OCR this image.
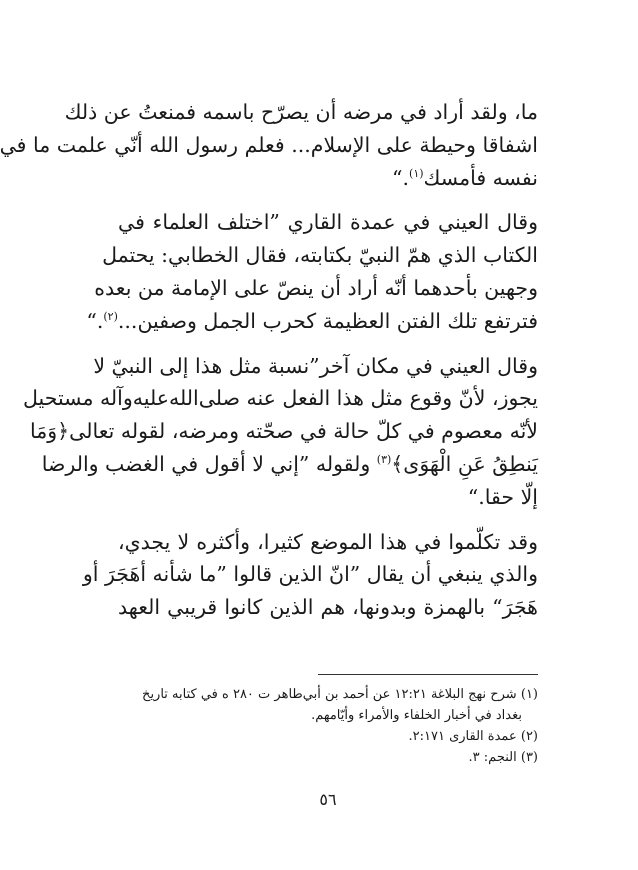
ما، ولقد أراد في مرضه أن يصرّح باسمه فمنعتُ عن ذلك
اشفاقا وحيطة على الإسلام... فعلم رسول الله أنّي علمت ما في
نفسه فأمسك$^{(١)}$.“
وقال العيني في عمدة القاري ”اختلف العلماء في
الكتاب الذي همّ النبيّ بكتابته، فقال الخطابي: يحتمل
وجهين بأحدهما أنّه أراد أن ينصّ على الإمامة من بعده
فترتفع تلك الفتن العظيمة كحرب الجمل وصفين...$^{(٢)}$.“
وقال العيني في مكان آخر”نسبة مثل هذا إلى النبيّ لا
يجوز، لأنّ وقوع مثل هذا الفعل عنه صلى‌الله‌عليه‌وآله مستحيل
لأنّه معصوم في كلّ حالة في صحّته ومرضه، لقوله تعالى﴿وَمَا
يَنطِقُ عَنِ الْهَوَى﴾$^{(٣)}$ ولقوله ”إني لا أقول في الغضب والرضا
إلّا حقا.“
وقد تكلّموا في هذا الموضع كثيرا، وأكثره لا يجدي،
والذي ينبغي أن يقال ”انّ الذين قالوا ”ما شأنه أهَجَرَ أو
هَجَرَ“ بالهمزة وبدونها، هم الذين كانوا قريبي العهد
(١) شرح نهج البلاغة ١٢:٢١ عن أحمد بن أبي‌طاهر ت ٢٨٠ ه في كتابه تاريخ
بغداد في أخبار الخلفاء والأمراء وأيّامهم.
(٢) عمدة القارى ٢:١٧١.
(٣) النجم: ٣.
٥٦
